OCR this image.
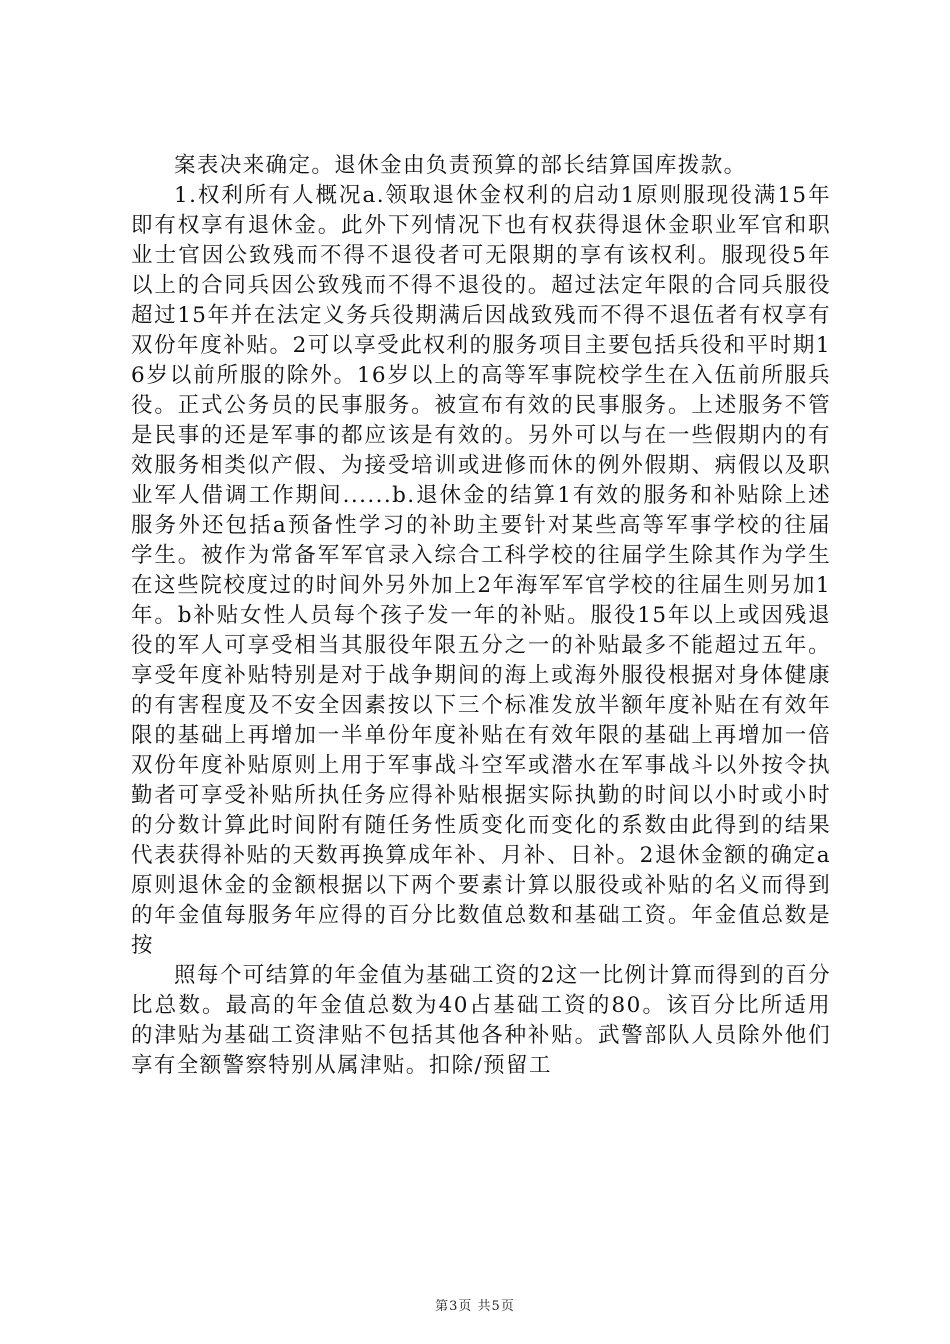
案表决来确定。退休金由负责预算的部长结算国库拨款。

1.权利所有人概况a.领取退休金权利的启动1原则服现役满15年即有权享有退休金。此外下列情况下也有权获得退休金职业军官和职业士官因公致残而不得不退役者可无限期的享有该权利。服现役5年以上的合同兵因公致残而不得不退役的。超过法定年限的合同兵服役超过15年并在法定义务兵役期满后因战致残而不得不退伍者有权享有双份年度补贴。2可以享受此权利的服务项目主要包括兵役和平时期16岁以前所服的除外。16岁以上的高等军事院校学生在入伍前所服兵役。正式公务员的民事服务。被宣布有效的民事服务。上述服务不管是民事的还是军事的都应该是有效的。另外可以与在一些假期内的有效服务相类似产假、为接受培训或进修而休的例外假期、病假以及职业军人借调工作期间......b.退休金的结算1有效的服务和补贴除上述服务外还包括a预备性学习的补助主要针对某些高等军事学校的往届学生。被作为常备军军官录入综合工科学校的往届学生除其作为学生在这些院校度过的时间外另外加上2年海军军官学校的往届生则另加1年。b补贴女性人员每个孩子发一年的补贴。服役15年以上或因残退役的军人可享受相当其服役年限五分之一的补贴最多不能超过五年。享受年度补贴特别是对于战争期间的海上或海外服役根据对身体健康的有害程度及不安全因素按以下三个标准发放半额年度补贴在有效年限的基础上再增加一半单份年度补贴在有效年限的基础上再增加一倍双份年度补贴原则上用于军事战斗空军或潜水在军事战斗以外按令执勤者可享受补贴所执任务应得补贴根据实际执勤的时间以小时或小时的分数计算此时间附有随任务性质变化而变化的系数由此得到的结果代表获得补贴的天数再换算成年补、月补、日补。2退休金额的确定a原则退休金的金额根据以下两个要素计算以服役或补贴的名义而得到的年金值每服务年应得的百分比数值总数和基础工资。年金值总数是按

照每个可结算的年金值为基础工资的2这一比例计算而得到的百分比总数。最高的年金值总数为40占基础工资的80。该百分比所适用的津贴为基础工资津贴不包括其他各种补贴。武警部队人员除外他们享有全额警察特别从属津贴。扣除/预留工

第3页 共5页
